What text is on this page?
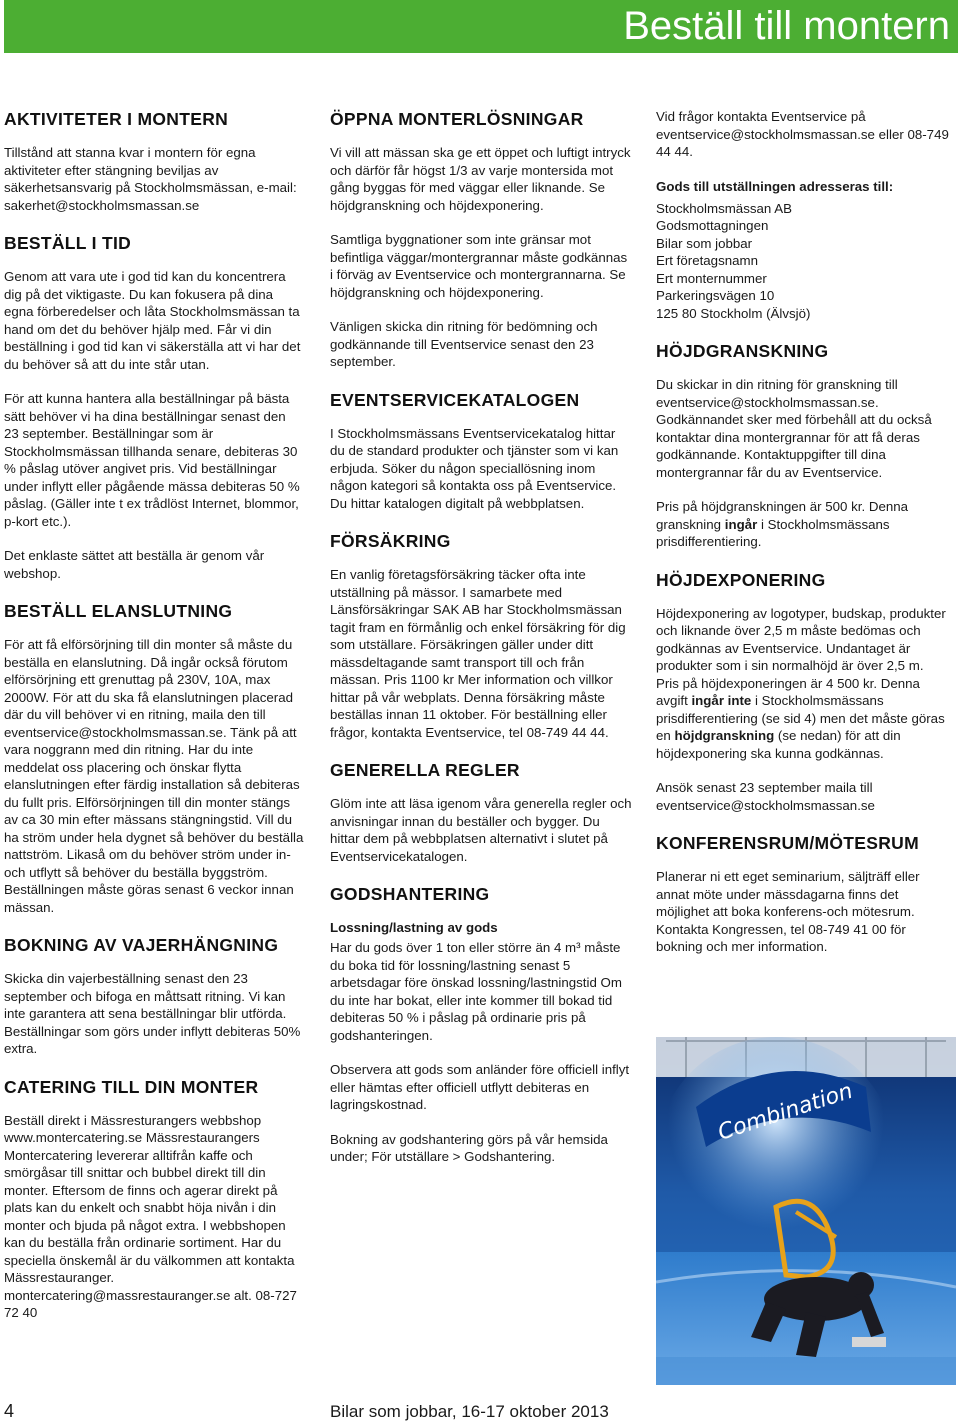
Beställ till montern
AKTIVITETER I MONTERN

Tillstånd att stanna kvar i montern för egna aktiviteter efter stängning beviljas av säkerhetsansvarig på Stockholmsmässan, e-mail: sakerhet@stockholmsmassan.se

BESTÄLL I TID

Genom att vara ute i god tid kan du koncentrera dig på det viktigaste. Du kan fokusera på dina egna förberedelser och låta Stockholmsmässan ta hand om det du behöver hjälp med. Får vi din beställning i god tid kan vi säkerställa att vi har det du behöver så att du inte står utan.

För att kunna hantera alla beställningar på bästa sätt behöver vi ha dina beställningar senast den 23 september. Beställningar som är Stockholmsmässan tillhanda senare, debiteras 30 % påslag utöver angivet pris. Vid beställningar under inflytt eller pågående mässa debiteras 50 % påslag. (Gäller inte t ex trådlöst Internet, blommor, p-kort etc.).

Det enklaste sättet att beställa är genom vår webshop.

BESTÄLL ELANSLUTNING

För att få elförsörjning till din monter så måste du beställa en elanslutning. Då ingår också förutom elförsörjning ett grenuttag på 230V, 10A, max 2000W. För att du ska få elanslutningen placerad där du vill behöver vi en ritning, maila den till eventservice@stockholmsmassan.se. Tänk på att vara noggrann med din ritning. Har du inte meddelat oss placering och önskar flytta elanslutningen efter färdig installation så debiteras du fullt pris. Elförsörjningen till din monter stängs av ca 30 min efter mässans stängningstid. Vill du ha ström under hela dygnet så behöver du beställa nattström. Likaså om du behöver ström under in- och utflytt så behöver du beställa byggström. Beställningen måste göras senast 6 veckor innan mässan.

BOKNING AV VAJERHÄNGNING

Skicka din vajerbeställning senast den 23 september och bifoga en måttsatt ritning. Vi kan inte garantera att sena beställningar blir utförda. Beställningar som görs under inflytt debiteras 50% extra.

CATERING TILL DIN MONTER

Beställ direkt i Mässresturangers webbshop www.montercatering.se Mässrestaurangers Montercatering levererar alltifrån kaffe och smörgåsar till snittar och bubbel direkt till din monter. Eftersom de finns och agerar direkt på plats kan du enkelt och snabbt höja nivån i din monter och bjuda på något extra. I webbshopen kan du beställa från ordinarie sortiment. Har du speciella önskemål är du välkommen att kontakta Mässrestauranger. montercatering@massrestauranger.se alt. 08-727 72 40

ÖPPNA MONTERLÖSNINGAR

Vi vill att mässan ska ge ett öppet och luftigt intryck och därför får högst 1/3 av varje montersida mot gång byggas för med väggar eller liknande. Se höjdgranskning och höjdexponering.

Samtliga byggnationer som inte gränsar mot befintliga väggar/montergrannar måste godkännas i förväg av Eventservice och montergrannarna. Se höjdgranskning och höjdexponering.

Vänligen skicka din ritning för bedömning och godkännande till Eventservice senast den 23 september.

EVENTSERVICEKATALOGEN

I Stockholmsmässans Eventservicekatalog hittar du de standard produkter och tjänster som vi kan erbjuda. Söker du någon speciallösning inom någon kategori så kontakta oss på Eventservice. Du hittar katalogen digitalt på webbplatsen.

FÖRSÄKRING

En vanlig företagsförsäkring täcker ofta inte utställning på mässor. I samarbete med Länsförsäkringar SAK AB har Stockholmsmässan tagit fram en förmånlig och enkel försäkring för dig som utställare. Försäkringen gäller under ditt mässdeltagande samt transport till och från mässan. Pris 1100 kr Mer information och villkor hittar på vår webplats. Denna försäkring måste beställas innan 11 oktober. För beställning eller frågor, kontakta Eventservice, tel 08-749 44 44.

GENERELLA REGLER

Glöm inte att läsa igenom våra generella regler och anvisningar innan du beställer och bygger. Du hittar dem på webbplatsen alternativt i slutet på Eventservicekatalogen.

GODSHANTERING
Lossning/lastning av gods

Har du gods över 1 ton eller större än 4 m³ måste du boka tid för lossning/lastning senast 5 arbetsdagar före önskad lossning/lastningstid Om du inte har bokat, eller inte kommer till bokad tid debiteras 50 % i påslag på ordinarie pris på godshanteringen.

Observera att gods som anländer före officiell inflyt eller hämtas efter officiell utflytt debiteras en lagringskostnad.

Bokning av godshantering görs på vår hemsida under; För utställare > Godshantering.

Vid frågor kontakta Eventservice på eventservice@stockholmsmassan.se eller 08-749 44 44.

Gods till utställningen adresseras till:

Stockholmsmässan AB
Godsmottagningen
Bilar som jobbar
Ert företagsnamn
Ert monternummer
Parkeringsvägen 10
125 80 Stockholm (Älvsjö)

HÖJDGRANSKNING

Du skickar in din ritning för granskning till eventservice@stockholmsmassan.se. Godkännandet sker med förbehåll att du också kontaktar dina montergrannar för att få deras godkännande. Kontaktuppgifter till dina montergrannar får du av Eventservice.

Pris på höjdgranskningen är 500 kr. Denna granskning ingår i Stockholmsmässans prisdifferentiering.

HÖJDEXPONERING

Höjdexponering av logotyper, budskap, produkter och liknande över 2,5 m måste bedömas och godkännas av Eventservice. Undantaget är produkter som i sin normalhöjd är över 2,5 m.

Pris på höjdexponeringen är 4 500 kr. Denna avgift ingår inte i Stockholmsmässans prisdifferentiering (se sid 4) men det måste göras en höjdgranskning (se nedan) för att din höjdexponering ska kunna godkännas.

Ansök senast 23 september maila till eventservice@stockholmsmassan.se

KONFERENSRUM/MÖTESRUM

Planerar ni ett eget seminarium, säljträff eller annat möte under mässdagarna finns det möjlighet att boka konferens-och mötesrum. Kontakta Kongressen, tel 08-749 41 00 för bokning och mer information.

Combination
4	Bilar som jobbar, 16-17 oktober 2013
